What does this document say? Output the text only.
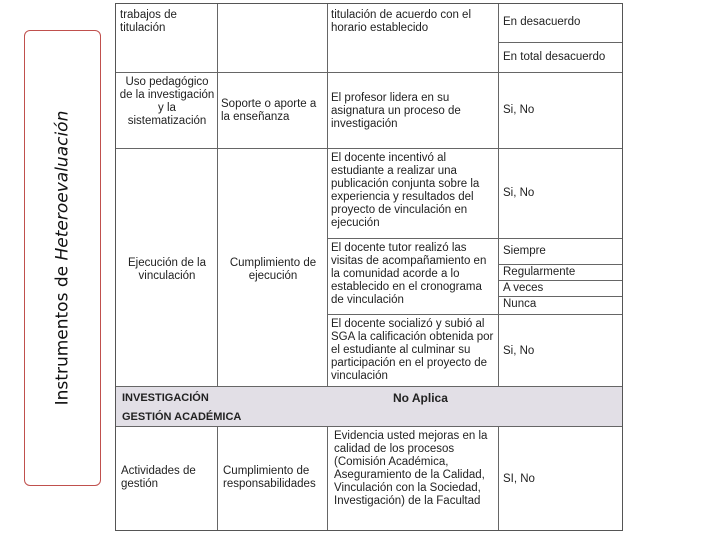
Instrumentos de Heteroevaluación
trabajos de titulación
titulación de acuerdo con el horario establecido	En desacuerdo
En total desacuerdo
Uso pedagógico de la investigación y la sistematización
Soporte o aporte a la enseñanza
El profesor lidera en su asignatura un proceso de investigación
Si, No
Ejecución de la vinculación
Cumplimiento de ejecución
El docente incentivó al estudiante a realizar una publicación conjunta sobre la experiencia y resultados del proyecto de vinculación en ejecución
Si, No
El docente tutor realizó las visitas de acompañamiento en la comunidad acorde a lo establecido en el cronograma de vinculación
Siempre
Regularmente
A veces
Nunca
El docente socializó y subió al SGA la calificación obtenida por el estudiante al culminar su participación en el proyecto de vinculación
Si, No
INVESTIGACIÓN	No Aplica
GESTIÓN ACADÉMICA
Actividades de gestión
Cumplimiento de responsabilidades
Evidencia usted mejoras en la calidad de los procesos (Comisión Académica, Aseguramiento de la Calidad, Vinculación con la Sociedad, Investigación) de la Facultad
SI, No
